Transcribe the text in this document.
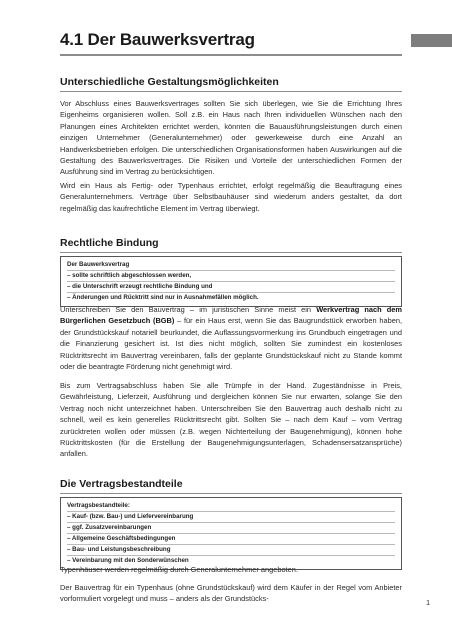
4.1 Der Bauwerksvertrag
Unterschiedliche Gestaltungsmöglichkeiten

Vor Abschluss eines Bauwerksvertrages sollten Sie sich überlegen, wie Sie die Errichtung Ihres Eigenheims organisieren wollen. Soll z.B. ein Haus nach Ihren individuellen Wünschen nach den Planungen eines Architekten errichtet werden, könnten die Bauausführungsleistungen durch einen einzigen Unternehmer (Generalunternehmer) oder gewerkeweise durch eine Anzahl an Handwerksbetrieben erfolgen. Die unterschiedlichen Organisationsformen haben Auswirkungen auf die Gestaltung des Bauwerksvertrages. Die Risiken und Vorteile der unterschiedlichen Formen der Ausführung sind im Vertrag zu berücksichtigen.

Wird ein Haus als Fertig- oder Typenhaus errichtet, erfolgt regelmäßig die Beauftragung eines Generalunternehmers. Verträge über Selbstbauhäuser sind wiederum anders gestaltet, da dort regelmäßig das kaufrechtliche Element im Vertrag überwiegt.

Rechtliche Bindung
Der Bauwerksvertrag
– sollte schriftlich abgeschlossen werden,
– die Unterschrift erzeugt rechtliche Bindung und
– Änderungen und Rücktritt sind nur in Ausnahmefällen möglich.

Unterschreiben Sie den Bauvertrag – im juristischen Sinne meist ein Werkvertrag nach dem Bürgerlichen Gesetzbuch (BGB) – für ein Haus erst, wenn Sie das Baugrundstück erworben haben, der Grundstückskauf notariell beurkundet, die Auflassungsvormerkung ins Grundbuch eingetragen und die Finanzierung gesichert ist. Ist dies nicht möglich, sollten Sie zumindest ein kostenloses Rücktrittsrecht im Bauvertrag vereinbaren, falls der geplante Grundstückskauf nicht zu Stande kommt oder die beantragte Förderung nicht genehmigt wird.

Bis zum Vertragsabschluss haben Sie alle Trümpfe in der Hand. Zugeständnisse in Preis, Gewährleistung, Lieferzeit, Ausführung und dergleichen können Sie nur erwarten, solange Sie den Vertrag noch nicht unterzeichnet haben. Unterschreiben Sie den Bauvertrag auch deshalb nicht zu schnell, weil es kein generelles Rücktrittsrecht gibt. Sollten Sie – nach dem Kauf – vom Vertrag zurücktreten wollen oder müssen (z.B. wegen Nichterteilung der Baugenehmigung), können hohe Rücktrittskosten (für die Erstellung der Baugenehmigungsunterlagen, Schadensersatzansprüche) anfallen.

Die Vertragsbestandteile
Vertragsbestandteile:
– Kauf- (bzw. Bau-) und Liefervereinbarung
– ggf. Zusatzvereinbarungen
– Allgemeine Geschäftsbedingungen
– Bau- und Leistungsbeschreibung
– Vereinbarung mit den Sonderwünschen

Typenhäuser werden regelmäßig durch Generalunternehmer angeboten.

Der Bauvertrag für ein Typenhaus (ohne Grundstückskauf) wird dem Käufer in der Regel vom Anbieter vorformuliert vorgelegt und muss – anders als der Grundstücks-	1
